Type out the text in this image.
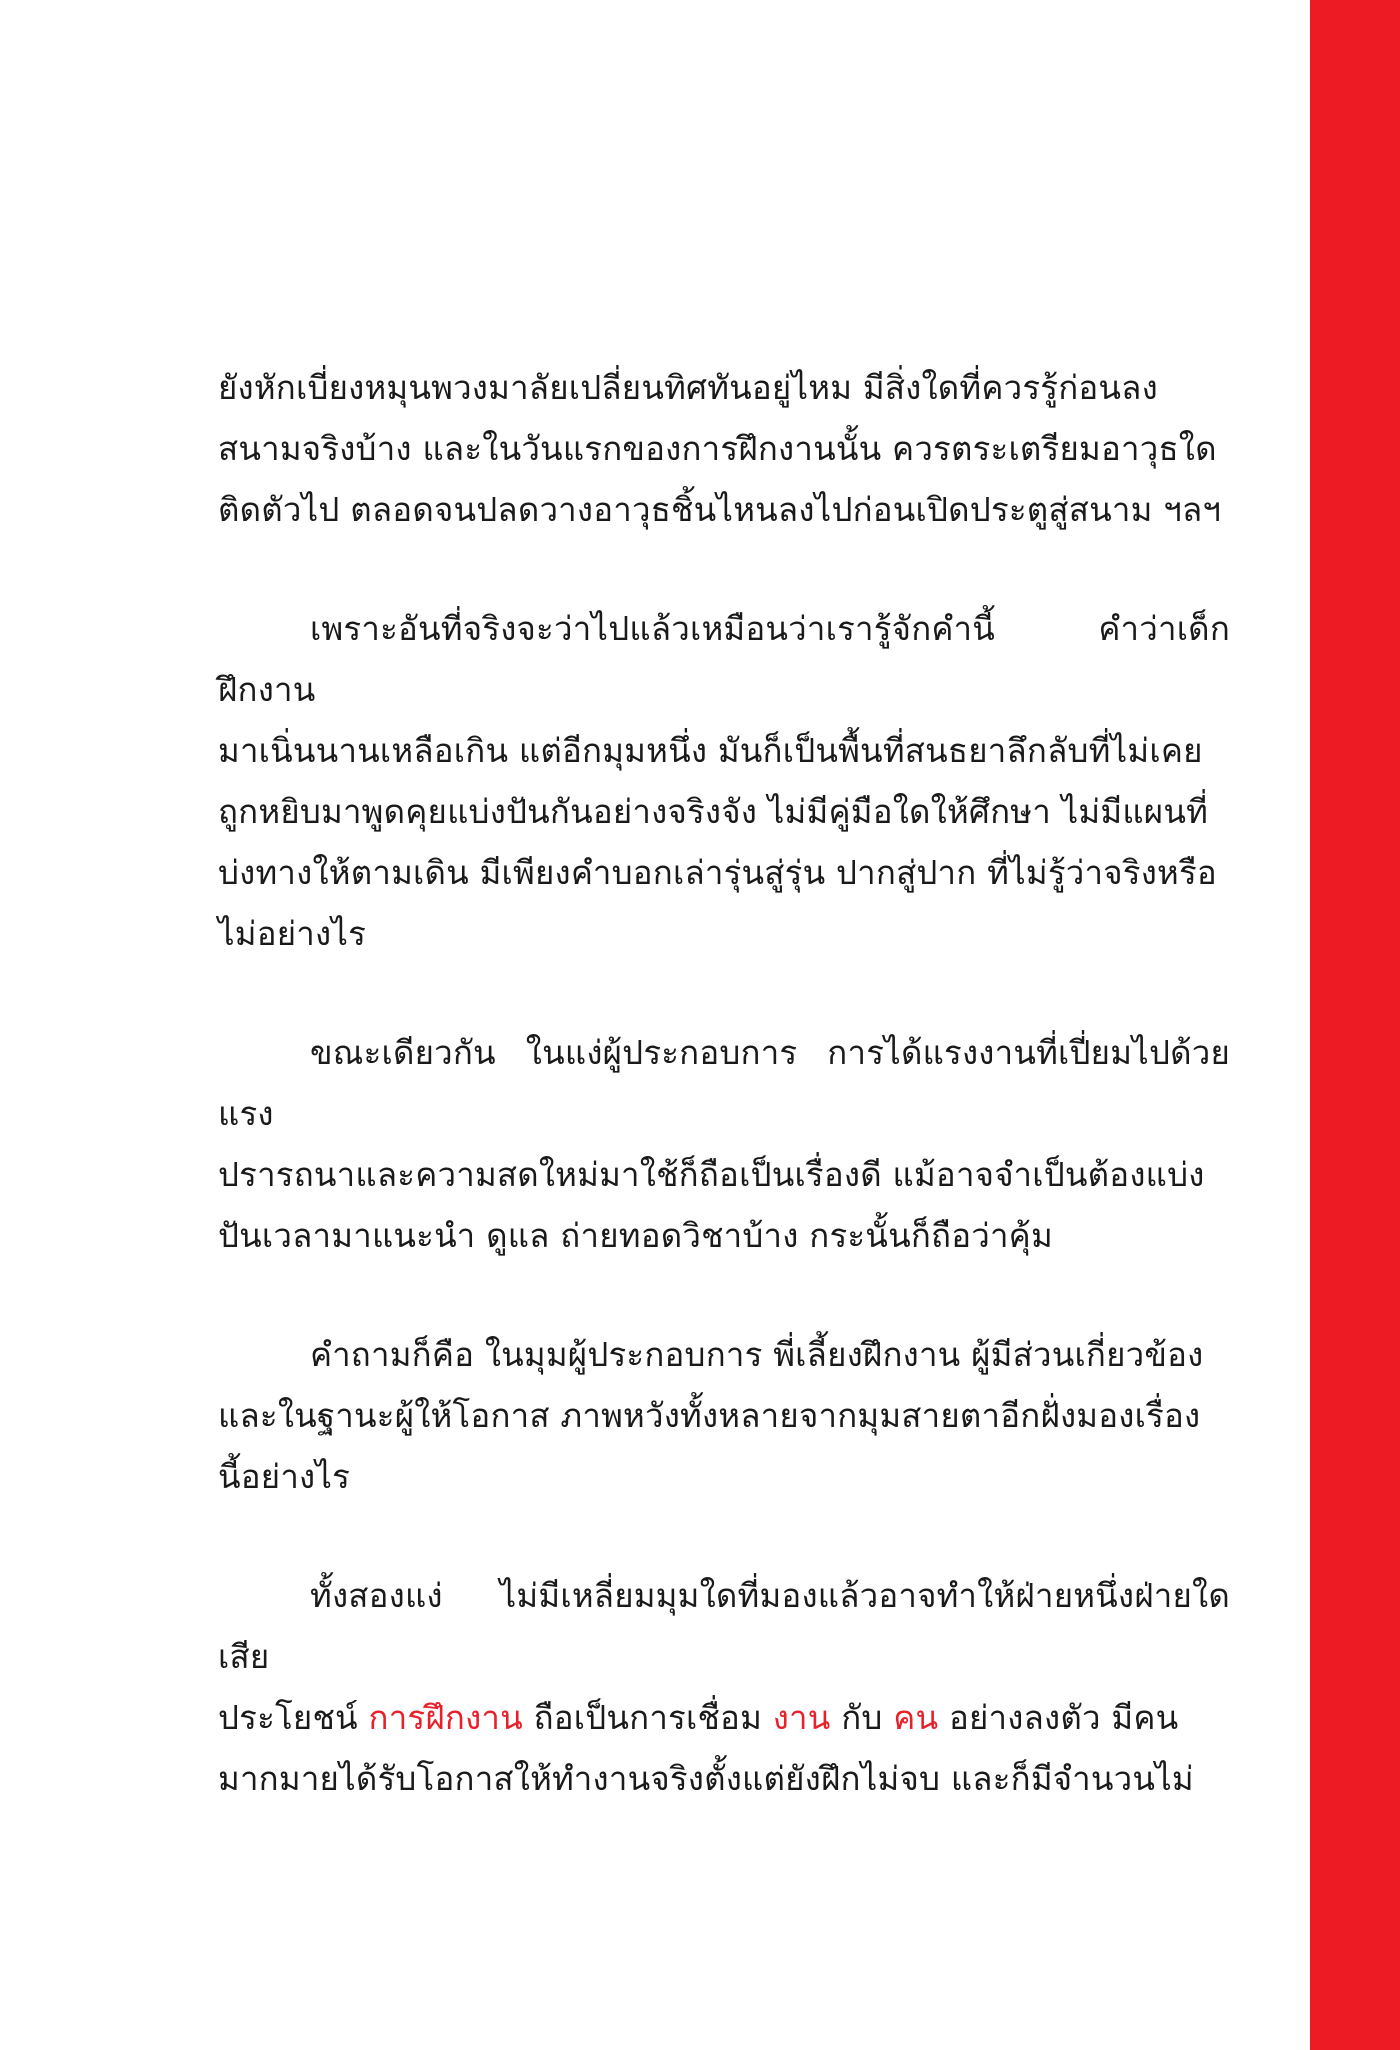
ยังหักเบี่ยงหมุนพวงมาลัยเปลี่ยนทิศทันอยู่ไหม มีสิ่งใดที่ควรรู้ก่อนลง
สนามจริงบ้าง และในวันแรกของการฝึกงานนั้น ควรตระเตรียมอาวุธใด
ติดตัวไป ตลอดจนปลดวางอาวุธชิ้นไหนลงไปก่อนเปิดประตูสู่สนาม ฯลฯ

เพราะอันที่จริงจะว่าไปแล้วเหมือนว่าเรารู้จักคำนี้ คำว่าเด็กฝึกงาน
มาเนิ่นนานเหลือเกิน แต่อีกมุมหนึ่ง มันก็เป็นพื้นที่สนธยาลึกลับที่ไม่เคย
ถูกหยิบมาพูดคุยแบ่งปันกันอย่างจริงจัง ไม่มีคู่มือใดให้ศึกษา ไม่มีแผนที่
บ่งทางให้ตามเดิน มีเพียงคำบอกเล่ารุ่นสู่รุ่น ปากสู่ปาก ที่ไม่รู้ว่าจริงหรือ
ไม่อย่างไร

ขณะเดียวกัน ในแง่ผู้ประกอบการ การได้แรงงานที่เปี่ยมไปด้วยแรง
ปรารถนาและความสดใหม่มาใช้ก็ถือเป็นเรื่องดี แม้อาจจำเป็นต้องแบ่ง
ปันเวลามาแนะนำ ดูแล ถ่ายทอดวิชาบ้าง กระนั้นก็ถือว่าคุ้ม

คำถามก็คือ ในมุมผู้ประกอบการ พี่เลี้ยงฝึกงาน ผู้มีส่วนเกี่ยวข้อง
และในฐานะผู้ให้โอกาส ภาพหวังทั้งหลายจากมุมสายตาอีกฝั่งมองเรื่อง
นี้อย่างไร

ทั้งสองแง่ ไม่มีเหลี่ยมมุมใดที่มองแล้วอาจทำให้ฝ่ายหนึ่งฝ่ายใดเสีย
ประโยชน์ การฝึกงาน ถือเป็นการเชื่อม งาน กับ คน อย่างลงตัว มีคน
มากมายได้รับโอกาสให้ทำงานจริงตั้งแต่ยังฝึกไม่จบ และก็มีจำนวนไม่
